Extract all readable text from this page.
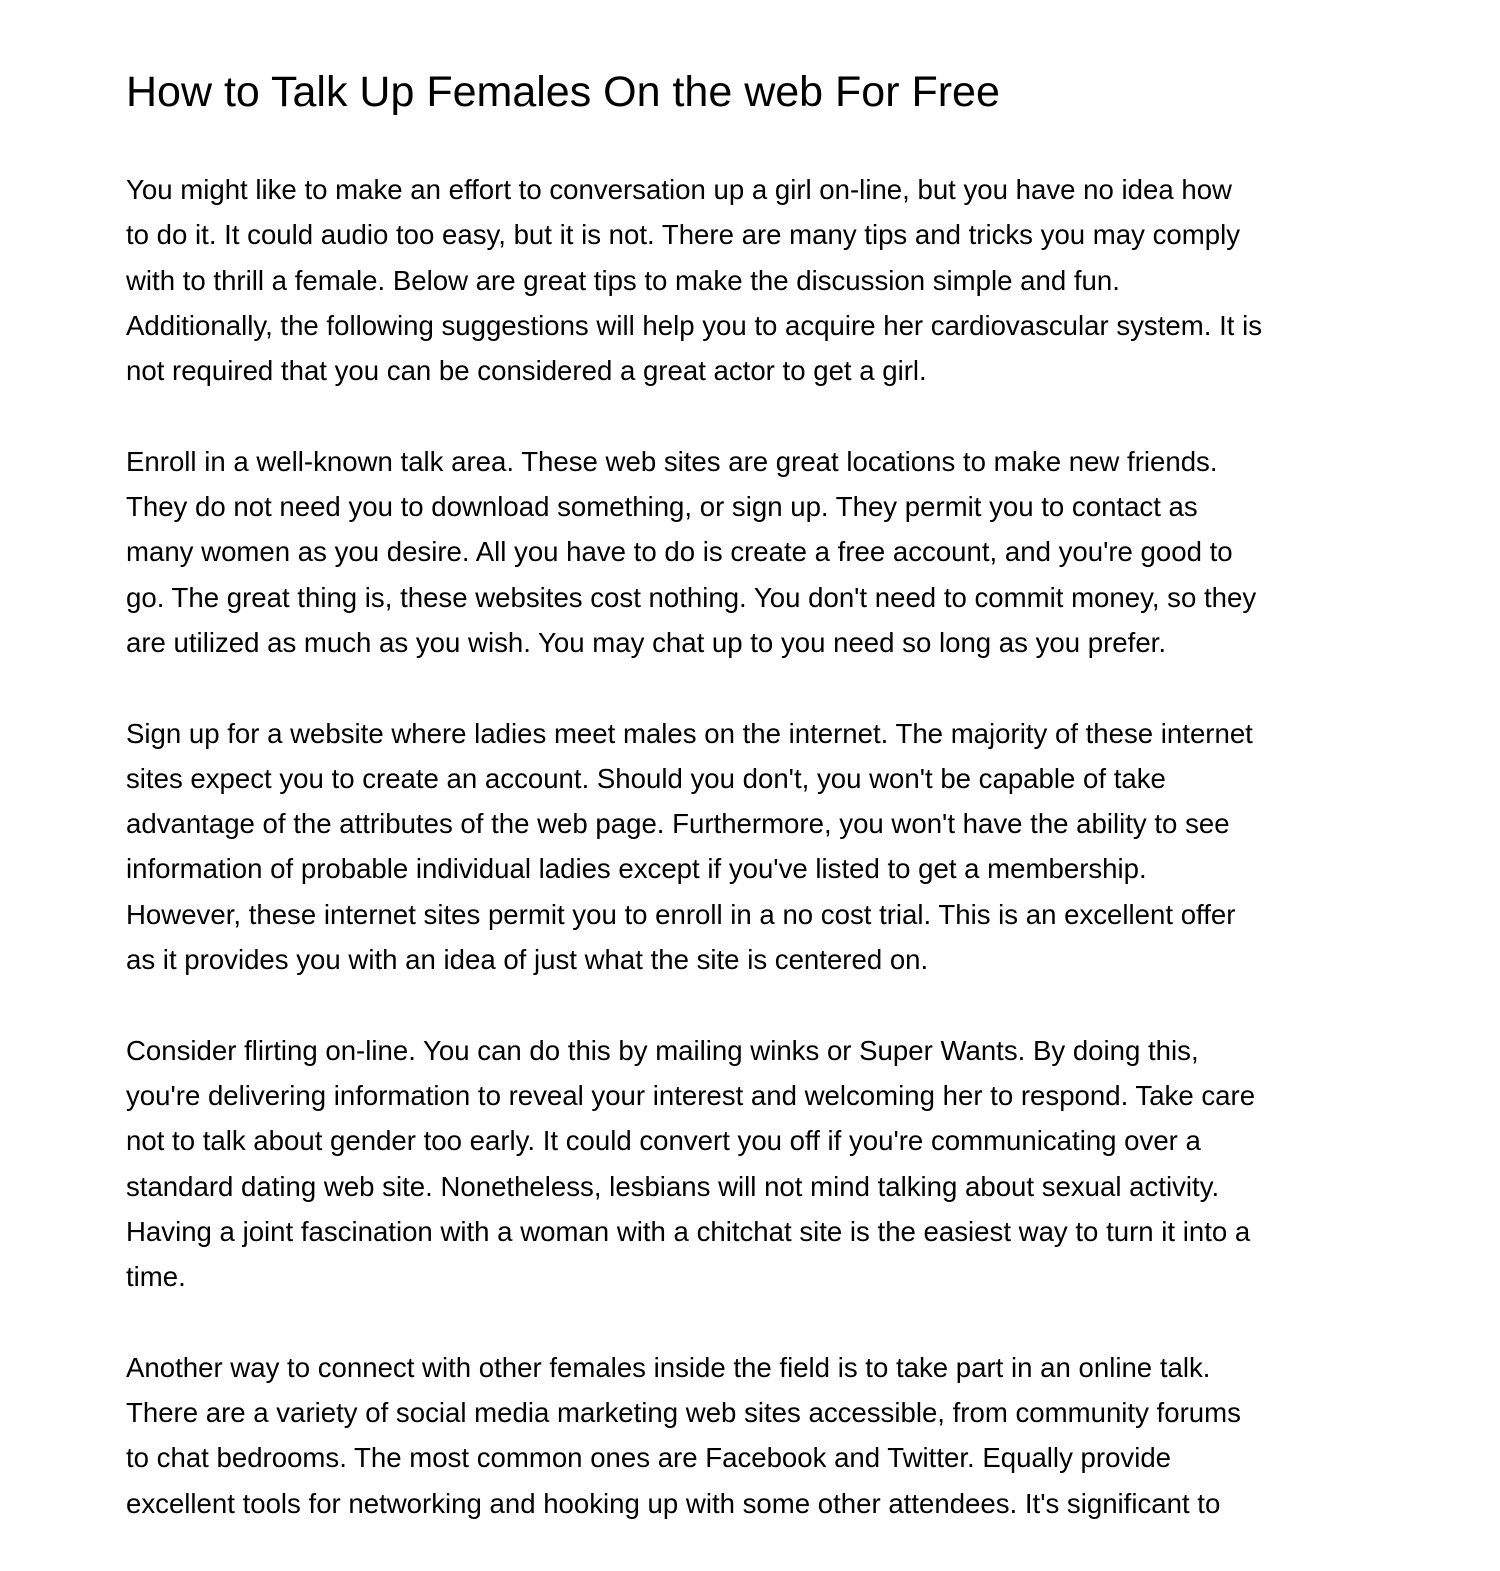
How to Talk Up Females On the web For Free

You might like to make an effort to conversation up a girl on-line, but you have no idea how
to do it. It could audio too easy, but it is not. There are many tips and tricks you may comply
with to thrill a female. Below are great tips to make the discussion simple and fun.
Additionally, the following suggestions will help you to acquire her cardiovascular system. It is
not required that you can be considered a great actor to get a girl.

Enroll in a well-known talk area. These web sites are great locations to make new friends.
They do not need you to download something, or sign up. They permit you to contact as
many women as you desire. All you have to do is create a free account, and you're good to
go. The great thing is, these websites cost nothing. You don't need to commit money, so they
are utilized as much as you wish. You may chat up to you need so long as you prefer.

Sign up for a website where ladies meet males on the internet. The majority of these internet
sites expect you to create an account. Should you don't, you won't be capable of take
advantage of the attributes of the web page. Furthermore, you won't have the ability to see
information of probable individual ladies except if you've listed to get a membership.
However, these internet sites permit you to enroll in a no cost trial. This is an excellent offer
as it provides you with an idea of just what the site is centered on.

Consider flirting on-line. You can do this by mailing winks or Super Wants. By doing this,
you're delivering information to reveal your interest and welcoming her to respond. Take care
not to talk about gender too early. It could convert you off if you're communicating over a
standard dating web site. Nonetheless, lesbians will not mind talking about sexual activity.
Having a joint fascination with a woman with a chitchat site is the easiest way to turn it into a
time.

Another way to connect with other females inside the field is to take part in an online talk.
There are a variety of social media marketing web sites accessible, from community forums
to chat bedrooms. The most common ones are Facebook and Twitter. Equally provide
excellent tools for networking and hooking up with some other attendees. It's significant to
